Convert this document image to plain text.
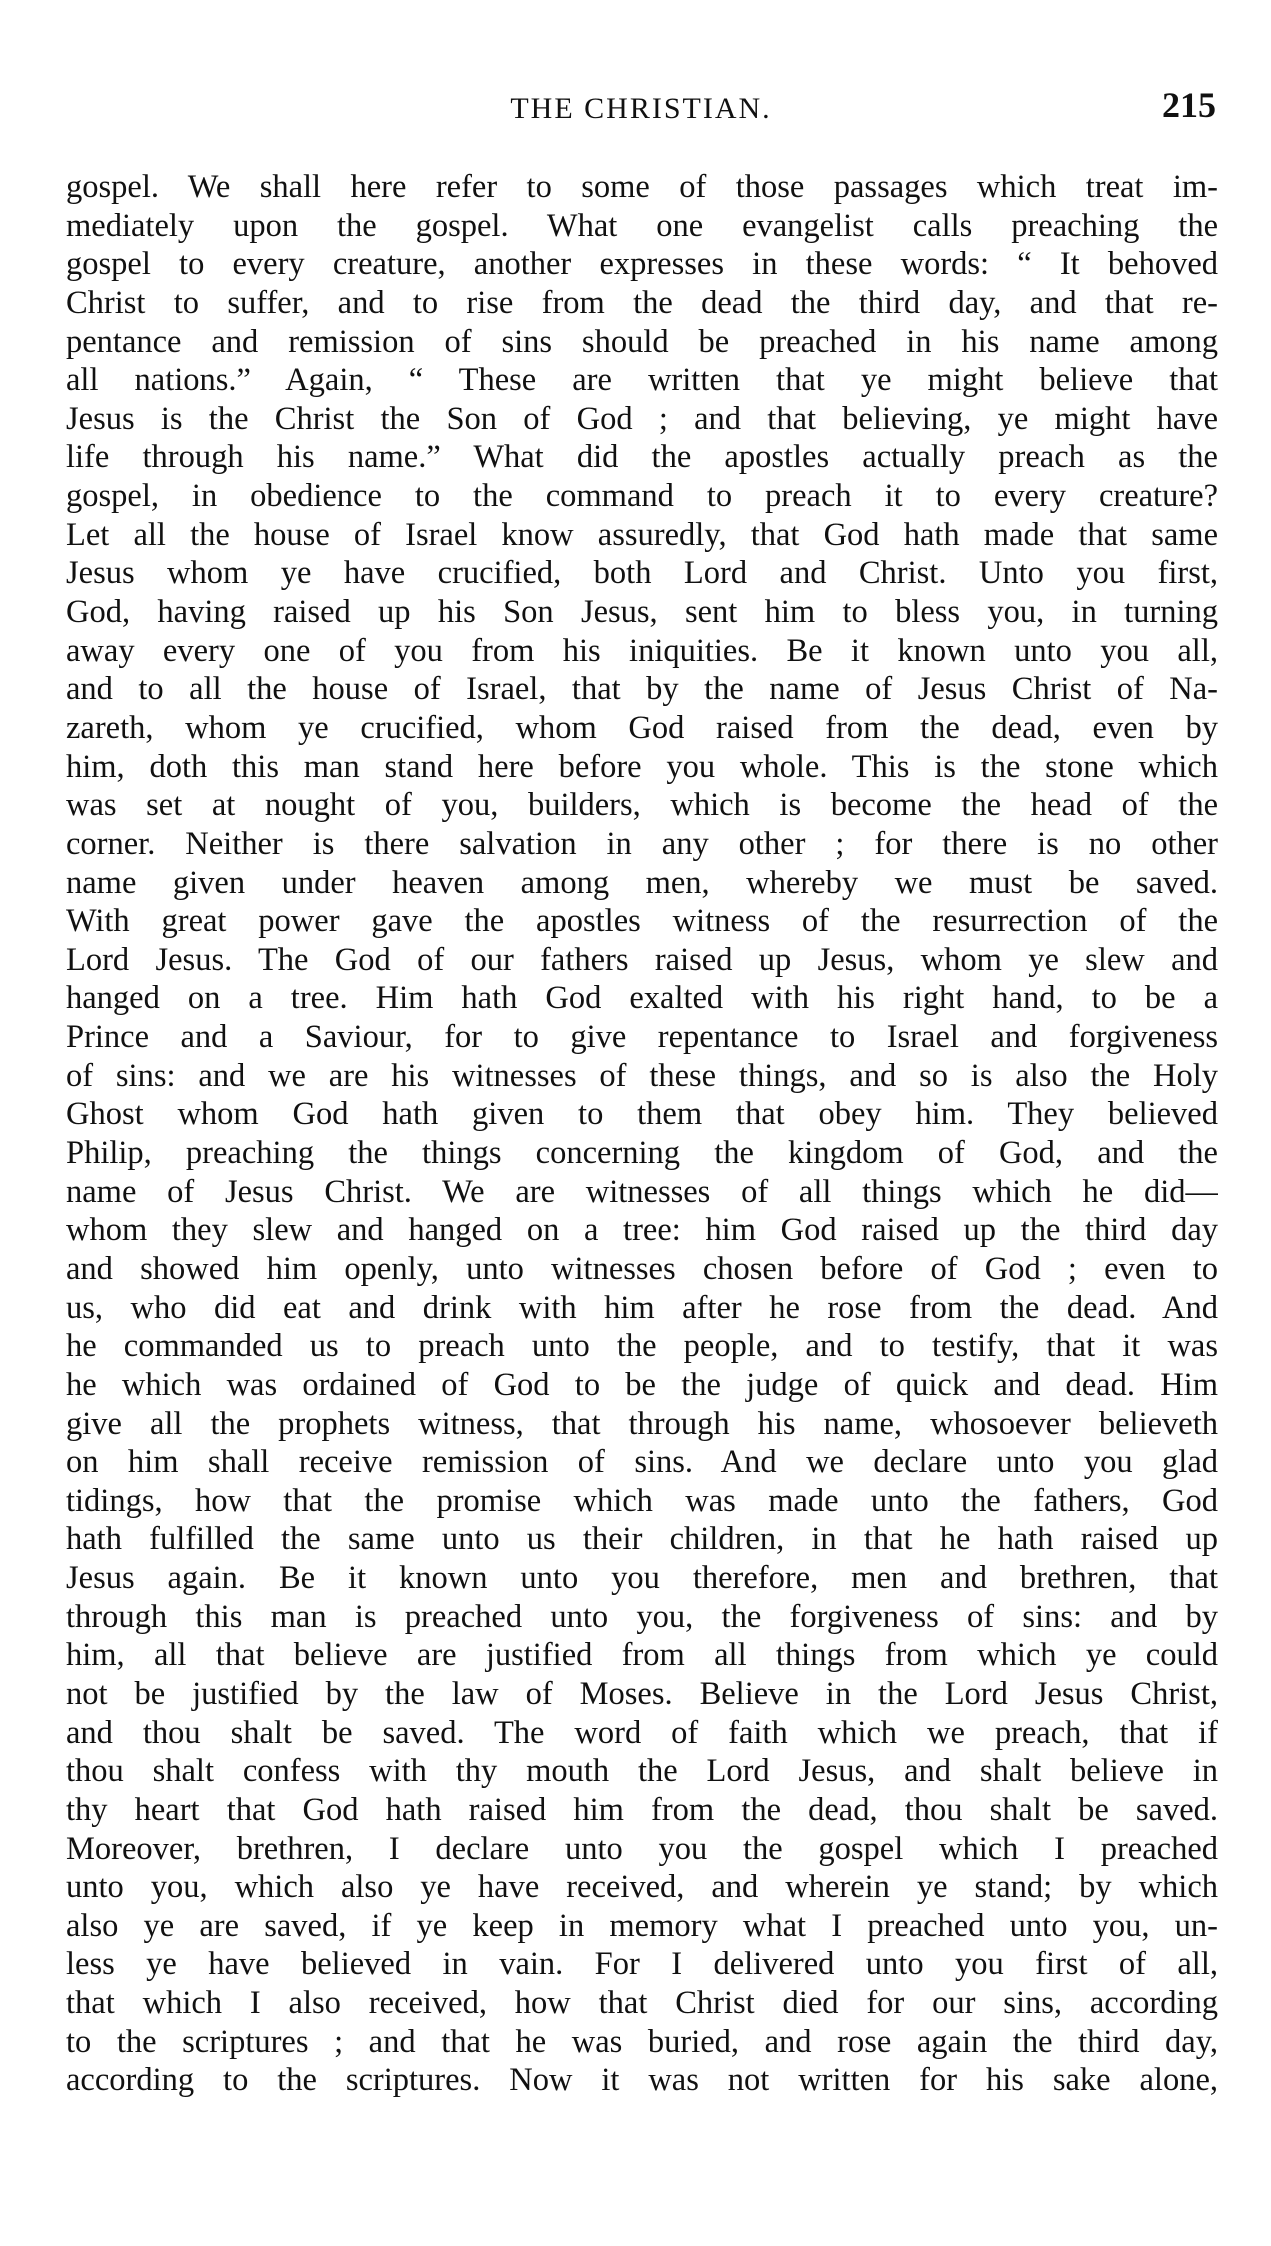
THE CHRISTIAN.	215
gospel. We shall here refer to some of those passages which treat im-
mediately upon the gospel. What one evangelist calls preaching the
gospel to every creature, another expresses in these words: “ It behoved
Christ to suffer, and to rise from the dead the third day, and that re-
pentance and remission of sins should be preached in his name among
all nations.” Again, “ These are written that ye might believe that
Jesus is the Christ the Son of God ; and that believing, ye might have
life through his name.” What did the apostles actually preach as the
gospel, in obedience to the command to preach it to every creature?
Let all the house of Israel know assuredly, that God hath made that same
Jesus whom ye have crucified, both Lord and Christ. Unto you first,
God, having raised up his Son Jesus, sent him to bless you, in turning
away every one of you from his iniquities. Be it known unto you all,
and to all the house of Israel, that by the name of Jesus Christ of Na-
zareth, whom ye crucified, whom God raised from the dead, even by
him, doth this man stand here before you whole. This is the stone which
was set at nought of you, builders, which is become the head of the
corner. Neither is there salvation in any other ; for there is no other
name given under heaven among men, whereby we must be saved.
With great power gave the apostles witness of the resurrection of the
Lord Jesus. The God of our fathers raised up Jesus, whom ye slew and
hanged on a tree. Him hath God exalted with his right hand, to be a
Prince and a Saviour, for to give repentance to Israel and forgiveness
of sins: and we are his witnesses of these things, and so is also the Holy
Ghost whom God hath given to them that obey him. They believed
Philip, preaching the things concerning the kingdom of God, and the
name of Jesus Christ. We are witnesses of all things which he did—
whom they slew and hanged on a tree: him God raised up the third day
and showed him openly, unto witnesses chosen before of God ; even to
us, who did eat and drink with him after he rose from the dead. And
he commanded us to preach unto the people, and to testify, that it was
he which was ordained of God to be the judge of quick and dead. Him
give all the prophets witness, that through his name, whosoever believeth
on him shall receive remission of sins. And we declare unto you glad
tidings, how that the promise which was made unto the fathers, God
hath fulfilled the same unto us their children, in that he hath raised up
Jesus again. Be it known unto you therefore, men and brethren, that
through this man is preached unto you, the forgiveness of sins: and by
him, all that believe are justified from all things from which ye could
not be justified by the law of Moses. Believe in the Lord Jesus Christ,
and thou shalt be saved. The word of faith which we preach, that if
thou shalt confess with thy mouth the Lord Jesus, and shalt believe in
thy heart that God hath raised him from the dead, thou shalt be saved.
Moreover, brethren, I declare unto you the gospel which I preached
unto you, which also ye have received, and wherein ye stand; by which
also ye are saved, if ye keep in memory what I preached unto you, un-
less ye have believed in vain. For I delivered unto you first of all,
that which I also received, how that Christ died for our sins, according
to the scriptures ; and that he was buried, and rose again the third day,
according to the scriptures. Now it was not written for his sake alone,
